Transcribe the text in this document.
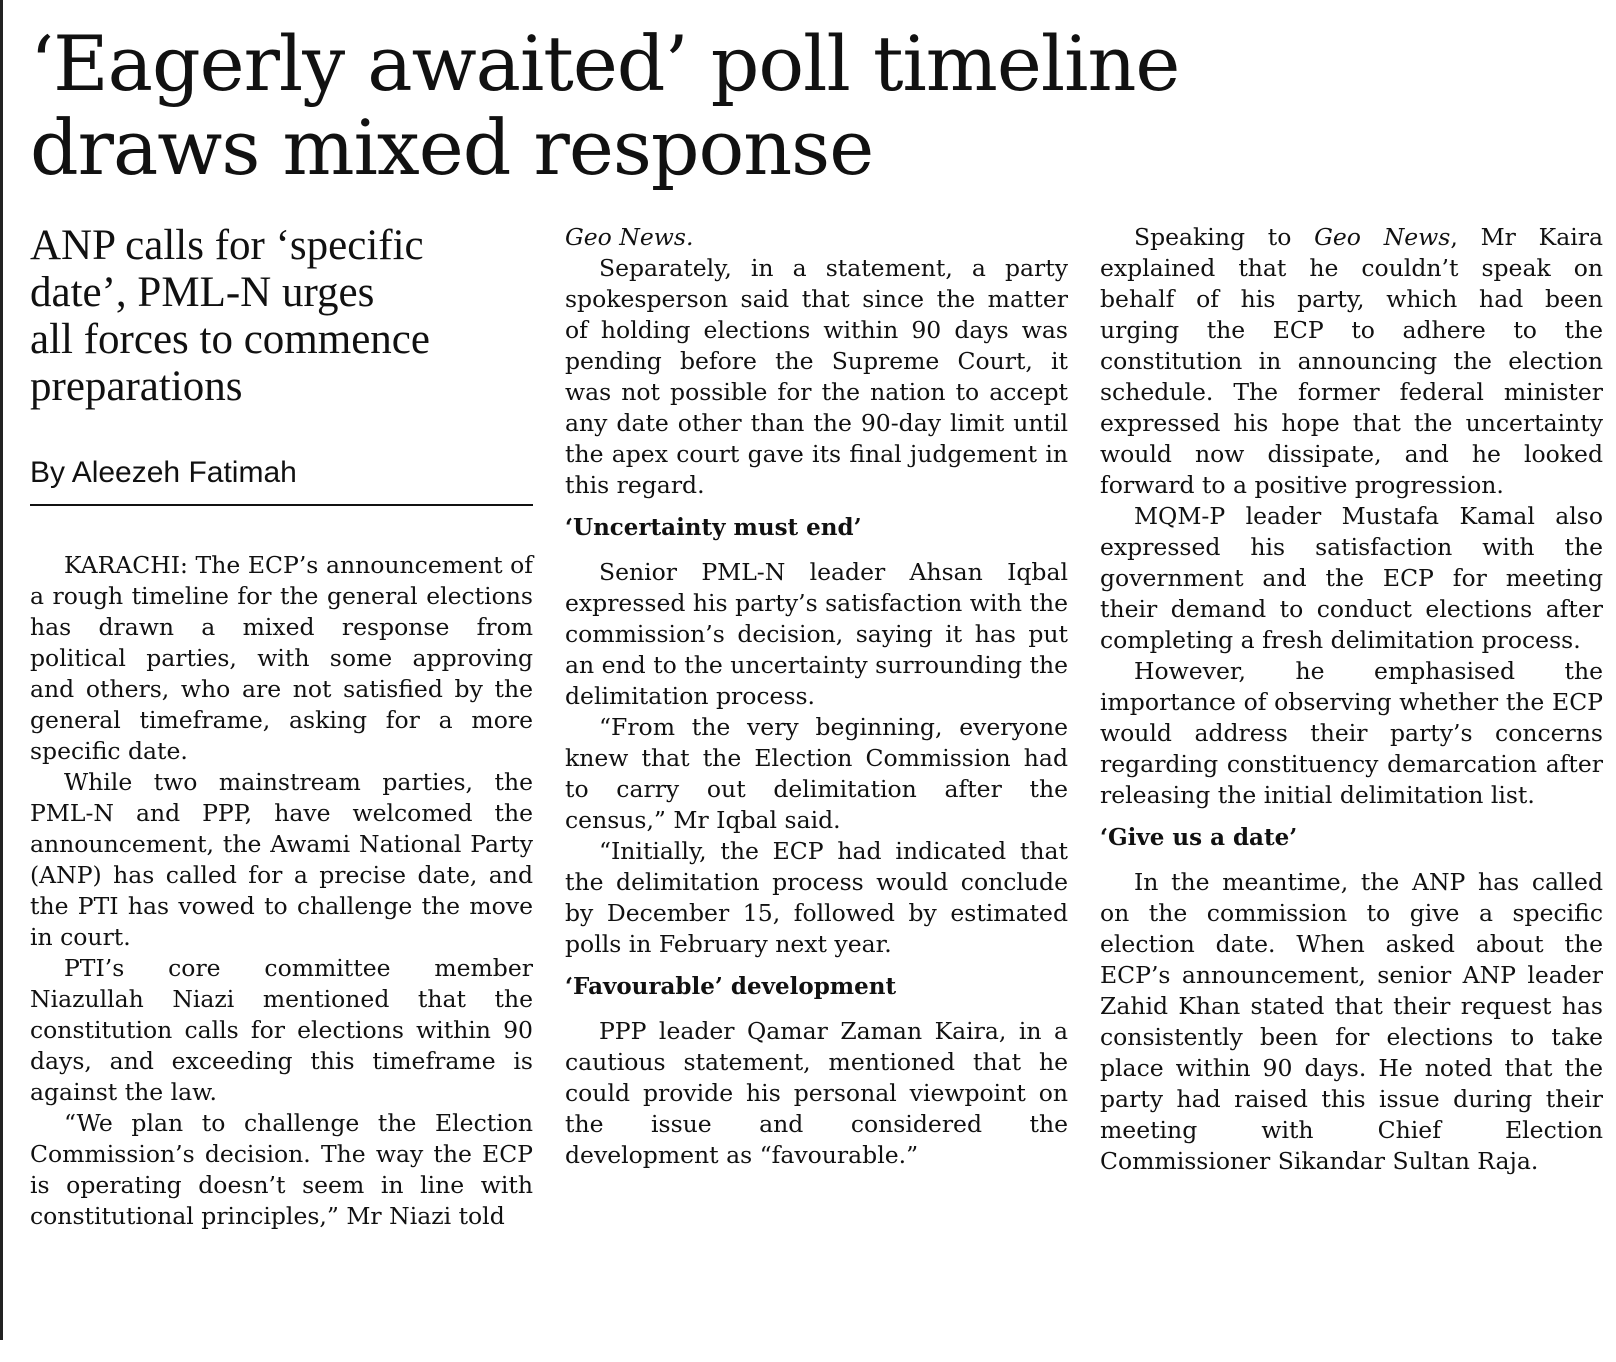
‘Eagerly awaited’ poll timeline
draws mixed response
ANP calls for ‘specific
date’, PML-N urges
all forces to commence
preparations
By Aleezeh Fatimah

KARACHI: The ECP’s announcement of a rough timeline for the general elections has drawn a mixed response from political parties, with some approving and others, who are not satisfied by the general timeframe, asking for a more specific date.

While two mainstream parties, the PML-N and PPP, have welcomed the announcement, the Awami National Party (ANP) has called for a precise date, and the PTI has vowed to challenge the move in court.

PTI’s core committee member Niazullah Niazi mentioned that the constitution calls for elections within 90 days, and exceeding this timeframe is against the law.

“We plan to challenge the Election Commission’s decision. The way the ECP is operating doesn’t seem in line with constitutional principles,” Mr Niazi told

Geo News.

Separately, in a statement, a party spokesperson said that since the matter of holding elections within 90 days was pending before the Supreme Court, it was not possible for the nation to accept any date other than the 90-day limit until the apex court gave its final judgement in this regard.

‘Uncertainty must end’

Senior PML-N leader Ahsan Iqbal expressed his party’s satisfaction with the commission’s decision, saying it has put an end to the uncertainty surrounding the delimitation process.

“From the very beginning, everyone knew that the Election Commission had to carry out delimitation after the census,” Mr Iqbal said.

“Initially, the ECP had indicated that the delimitation process would conclude by December 15, followed by estimated polls in February next year.

‘Favourable’ development

PPP leader Qamar Zaman Kaira, in a cautious statement, mentioned that he could provide his personal viewpoint on the issue and considered the development as “favourable.”

Speaking to Geo News, Mr Kaira explained that he couldn’t speak on behalf of his party, which had been urging the ECP to adhere to the constitution in announcing the election schedule. The former federal minister expressed his hope that the uncertainty would now dissipate, and he looked forward to a positive progression.

MQM-P leader Mustafa Kamal also expressed his satisfaction with the government and the ECP for meeting their demand to conduct elections after completing a fresh delimitation process.

However, he emphasised the importance of observing whether the ECP would address their party’s concerns regarding constituency demarcation after releasing the initial delimitation list.

‘Give us a date’

In the meantime, the ANP has called on the commission to give a specific election date. When asked about the ECP’s announcement, senior ANP leader Zahid Khan stated that their request has consistently been for elections to take place within 90 days. He noted that the party had raised this issue during their meeting with Chief Election Commissioner Sikandar Sultan Raja.
